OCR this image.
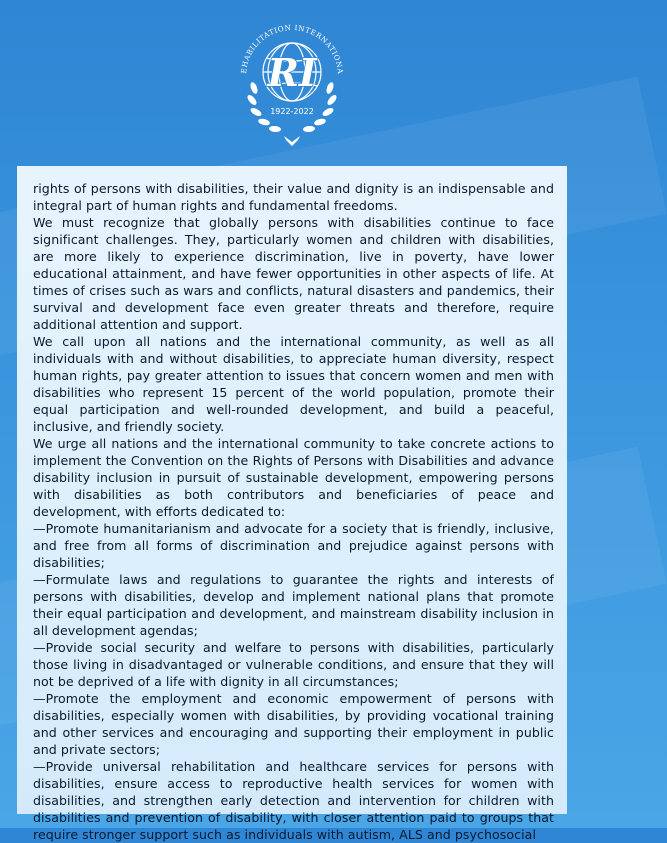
EHABILITATION INTERNATIONA
RI
1922-2022

rights of persons with disabilities, their value and dignity is an indispensable and integral part of human rights and fundamental freedoms.

We must recognize that globally persons with disabilities continue to face significant challenges. They, particularly women and children with disabilities, are more likely to experience discrimination, live in poverty, have lower educational attainment, and have fewer opportunities in other aspects of life. At times of crises such as wars and conflicts, natural disasters and pandemics, their survival and development face even greater threats and therefore, require additional attention and support.

We call upon all nations and the international community, as well as all individuals with and without disabilities, to appreciate human diversity, respect human rights, pay greater attention to issues that concern women and men with disabilities who represent 15 percent of the world population, promote their equal participation and well-rounded development, and build a peaceful, inclusive, and friendly society.

We urge all nations and the international community to take concrete actions to implement the Convention on the Rights of Persons with Disabilities and advance disability inclusion in pursuit of sustainable development, empowering persons with disabilities as both contributors and beneficiaries of peace and development, with efforts dedicated to:

—Promote humanitarianism and advocate for a society that is friendly, inclusive, and free from all forms of discrimination and prejudice against persons with disabilities;

—Formulate laws and regulations to guarantee the rights and interests of persons with disabilities, develop and implement national plans that promote their equal participation and development, and mainstream disability inclusion in all development agendas;

—Provide social security and welfare to persons with disabilities, particularly those living in disadvantaged or vulnerable conditions, and ensure that they will not be deprived of a life with dignity in all circumstances;

—Promote the employment and economic empowerment of persons with disabilities, especially women with disabilities, by providing vocational training and other services and encouraging and supporting their employment in public and private sectors;

—Provide universal rehabilitation and healthcare services for persons with disabilities, ensure access to reproductive health services for women with disabilities, and strengthen early detection and intervention for children with disabilities and prevention of disability, with closer attention paid to groups that require stronger support such as individuals with autism, ALS and psychosocial
